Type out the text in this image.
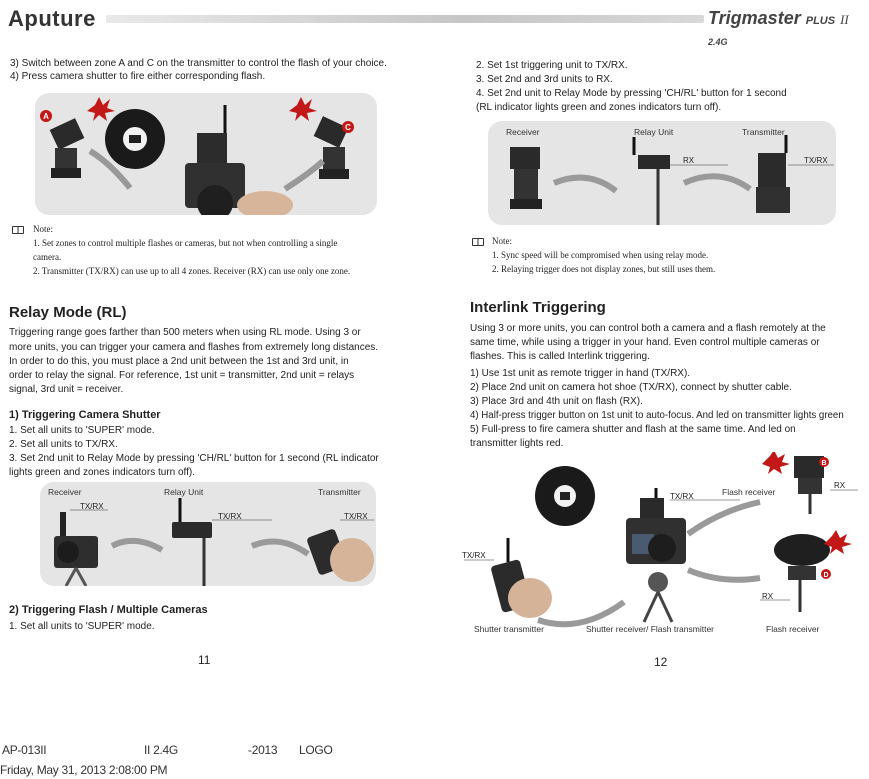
Aputure	Trigmaster PLUS II 2.4G
3) Switch between zone A and C on the transmitter to control the flash of your choice.
4) Press camera shutter to fire either corresponding flash.
A
C
Note:
1. Set zones to control multiple flashes or cameras, but not when controlling a single
camera.
2. Transmitter (TX/RX) can use up to all 4 zones. Receiver (RX) can use only one zone.
Relay Mode (RL)
Triggering range goes farther than 500 meters when using RL mode. Using 3 or
more units, you can trigger your camera and flashes from extremely long distances.
In order to do this, you must place a 2nd unit between the 1st and 3rd unit, in
order to relay the signal. For reference, 1st unit = transmitter, 2nd unit = relays
signal, 3rd unit = receiver.
1) Triggering Camera Shutter
1. Set all units to 'SUPER' mode.
2. Set all units to TX/RX.
3. Set 2nd unit to Relay Mode by pressing 'CH/RL' button for 1 second (RL indicator
lights green and zones indicators turn off).
Receiver	Relay Unit	Transmitter
TX/RX
TX/RX	TX/RX
2) Triggering Flash / Multiple Cameras
1. Set all units to 'SUPER' mode.
11
2. Set 1st triggering unit to TX/RX.
3. Set 2nd and 3rd units to RX.
4. Set 2nd unit to Relay Mode by pressing 'CH/RL' button for 1 second
(RL indicator lights green and zones indicators turn off).
Receiver	Relay Unit	Transmitter
RX	TX/RX
Note:
1. Sync speed will be compromised when using relay mode.
2. Relaying trigger does not display zones, but still uses them.
Interlink Triggering
Using 3 or more units, you can control both a camera and a flash remotely at the
same time, while using a trigger in your hand. Even control multiple cameras or
flashes. This is called Interlink triggering.
1) Use 1st unit as remote trigger in hand (TX/RX).
2) Place 2nd unit on camera hot shoe (TX/RX), connect by shutter cable.
3) Place 3rd and 4th unit on flash (RX).
4) Half-press trigger button on 1st unit to auto-focus. And led on transmitter lights green
5) Full-press to fire camera shutter and flash at the same time. And led on
transmitter lights red.
TX/RX
TX/RX	Flash receiver
B
RX
D
RX
Shutter transmitter	Shutter receiver/ Flash transmitter	Flash receiver
12
AP-013II	II 2.4G	-2013 LOGO
Friday, May 31, 2013 2:08:00 PM
